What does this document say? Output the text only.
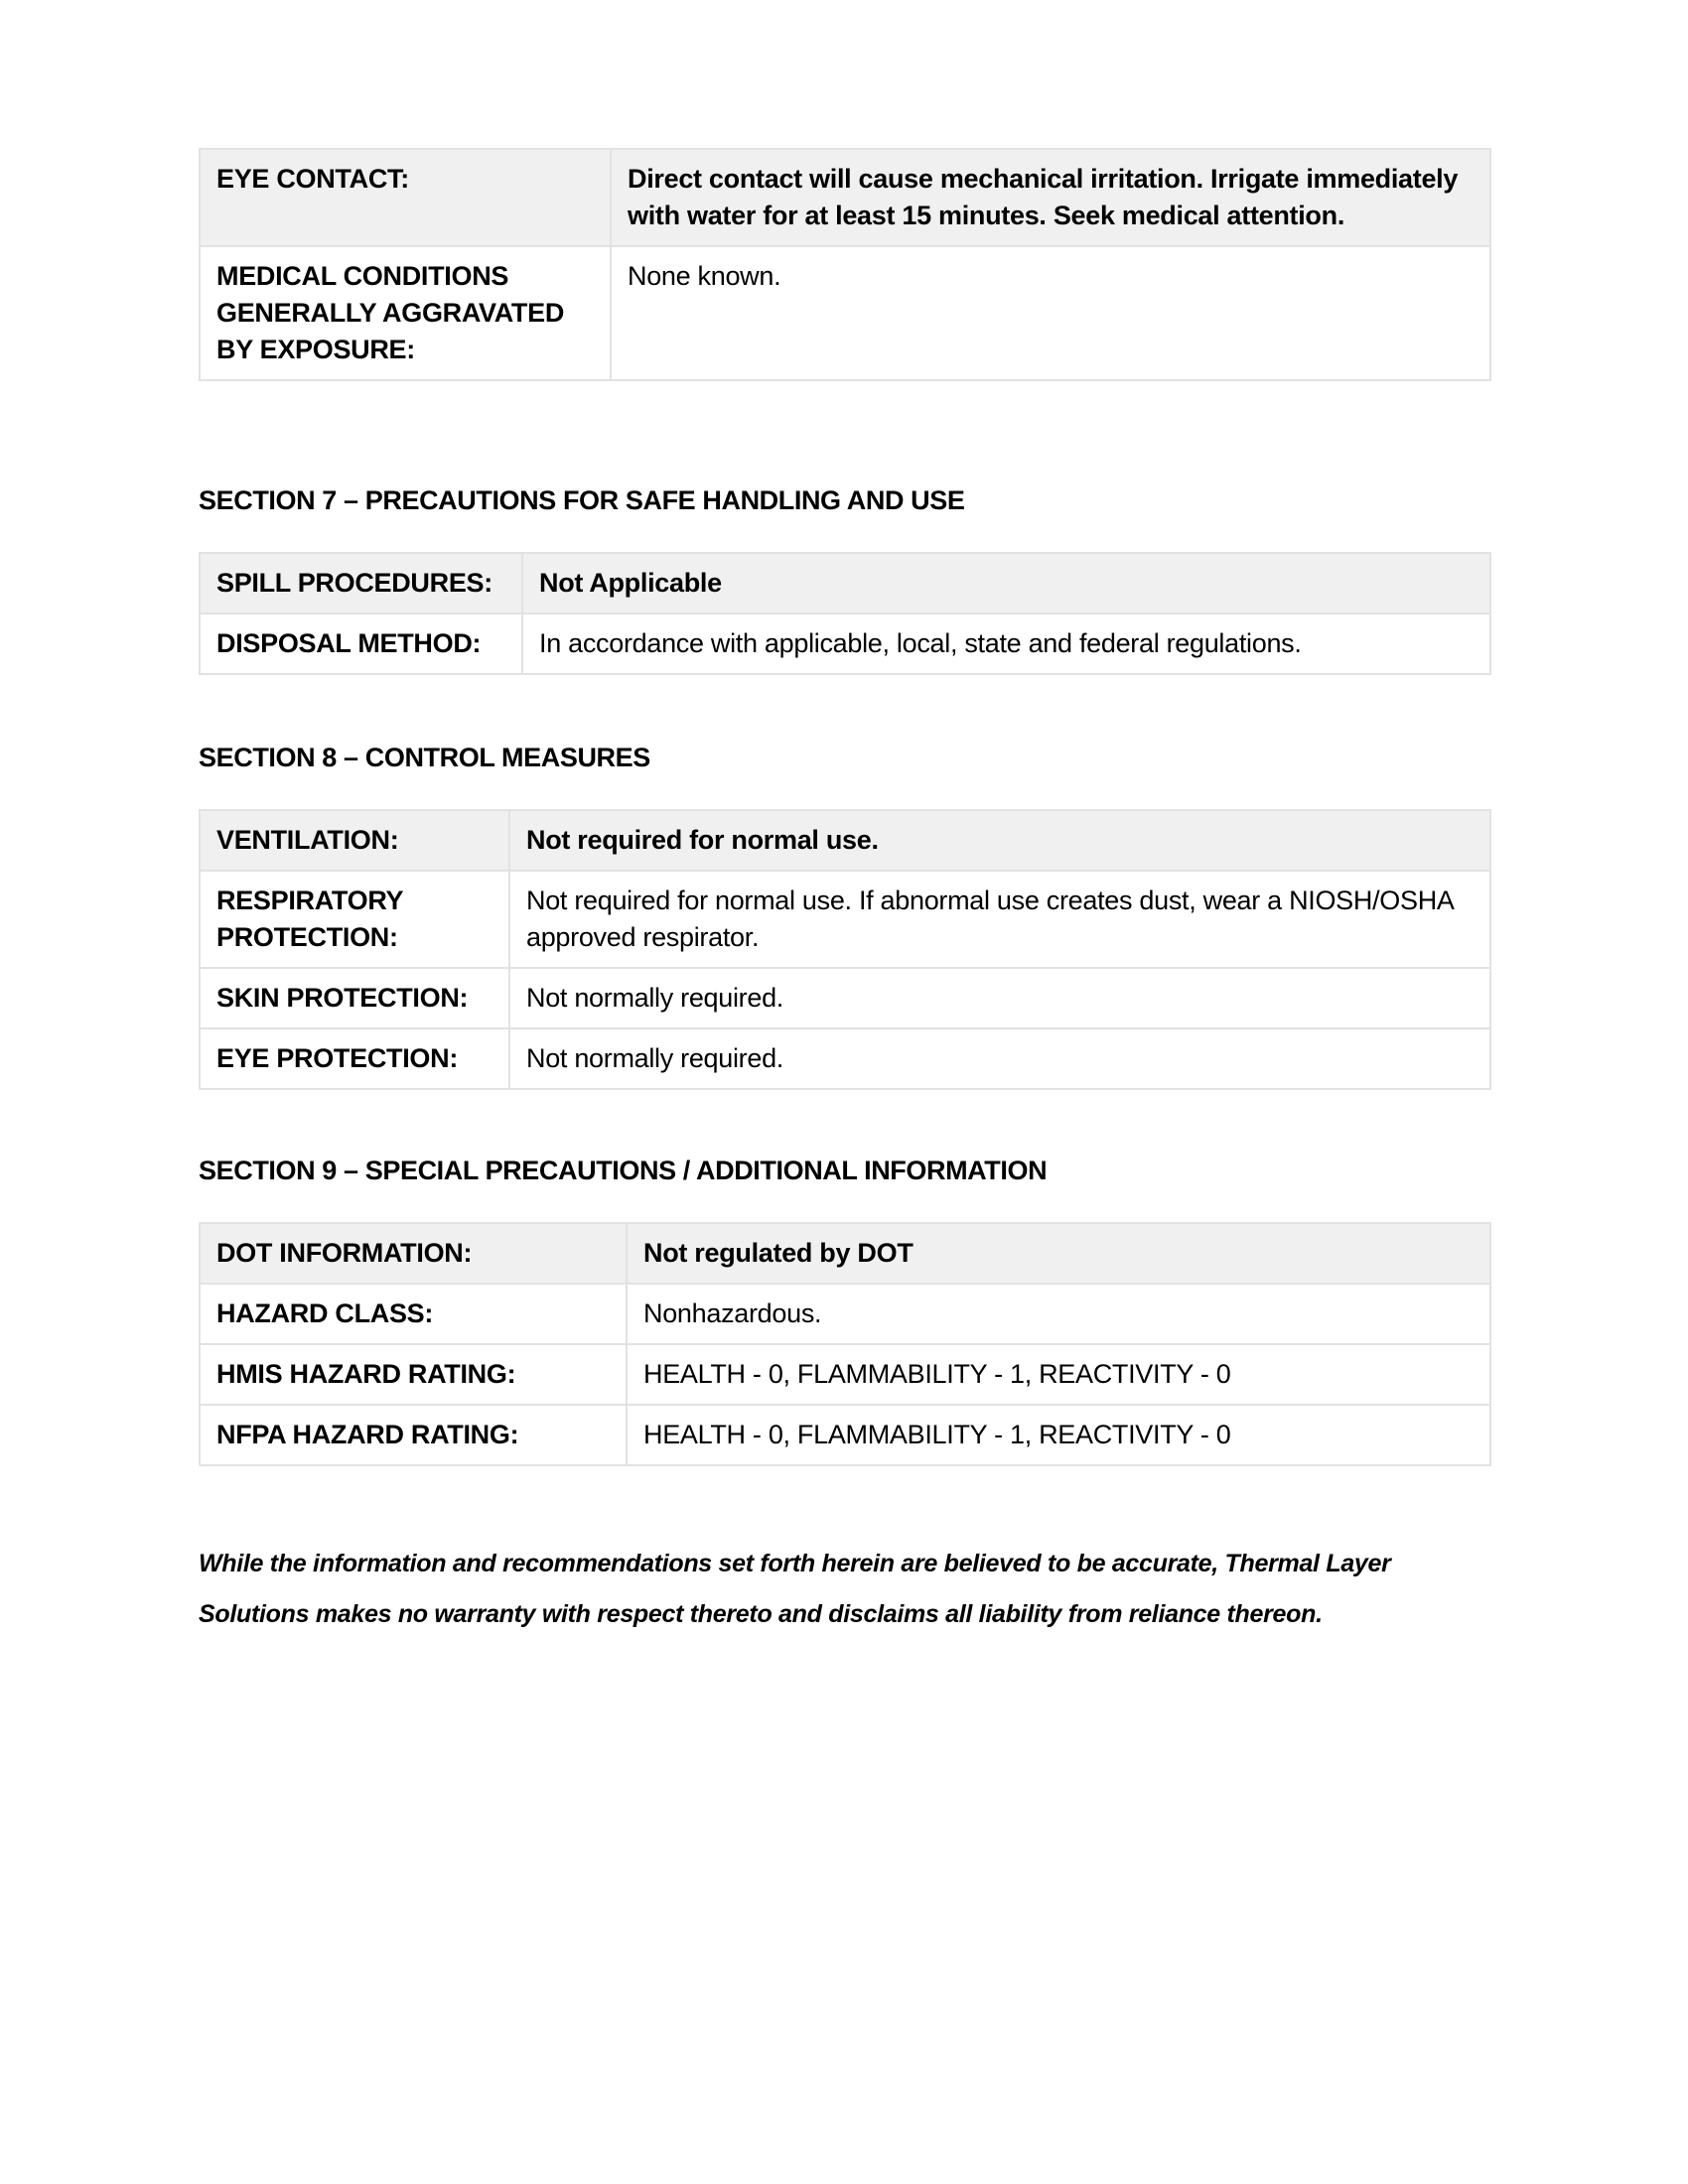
EYE CONTACT:	Direct contact will cause mechanical irritation. Irrigate immediately with water for at least 15 minutes. Seek medical attention.
MEDICAL CONDITIONS GENERALLY AGGRAVATED BY EXPOSURE:	None known.
SECTION 7 – PRECAUTIONS FOR SAFE HANDLING AND USE
SPILL PROCEDURES:	Not Applicable
DISPOSAL METHOD:	In accordance with applicable, local, state and federal regulations.
SECTION 8 – CONTROL MEASURES
VENTILATION:	Not required for normal use.
RESPIRATORY PROTECTION:	Not required for normal use. If abnormal use creates dust, wear a NIOSH/OSHA approved respirator.
SKIN PROTECTION:	Not normally required.
EYE PROTECTION:	Not normally required.
SECTION 9 – SPECIAL PRECAUTIONS / ADDITIONAL INFORMATION
DOT INFORMATION:	Not regulated by DOT
HAZARD CLASS:	Nonhazardous.
HMIS HAZARD RATING:	HEALTH - 0, FLAMMABILITY - 1, REACTIVITY - 0
NFPA HAZARD RATING:	HEALTH - 0, FLAMMABILITY - 1, REACTIVITY - 0

While the information and recommendations set forth herein are believed to be accurate, Thermal Layer

Solutions makes no warranty with respect thereto and disclaims all liability from reliance thereon.
